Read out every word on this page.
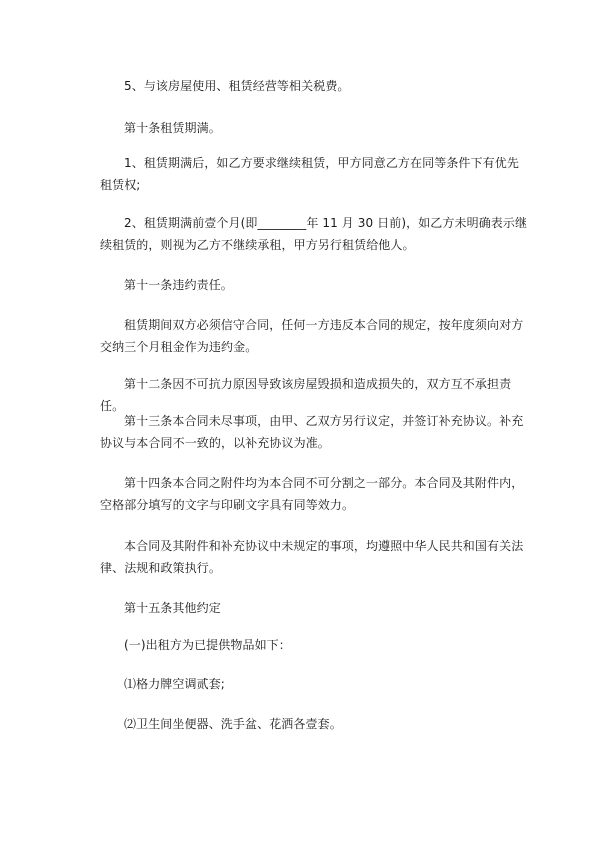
5、与该房屋使用、租赁经营等相关税费。

第十条租赁期满。

1、租赁期满后，如乙方要求继续租赁，甲方同意乙方在同等条件下有优先租赁权;

2、租赁期满前壹个月(即________年 11 月 30 日前)，如乙方未明确表示继续租赁的，则视为乙方不继续承租，甲方另行租赁给他人。

第十一条违约责任。

租赁期间双方必须信守合同，任何一方违反本合同的规定，按年度须向对方交纳三个月租金作为违约金。

第十二条因不可抗力原因导致该房屋毁损和造成损失的，双方互不承担责任。

第十三条本合同未尽事项，由甲、乙双方另行议定，并签订补充协议。补充协议与本合同不一致的，以补充协议为准。

第十四条本合同之附件均为本合同不可分割之一部分。本合同及其附件内，空格部分填写的文字与印刷文字具有同等效力。

本合同及其附件和补充协议中未规定的事项，均遵照中华人民共和国有关法律、法规和政策执行。

第十五条其他约定

(一)出租方为已提供物品如下：

⑴格力牌空调贰套;

⑵卫生间坐便器、洗手盆、花洒各壹套。
